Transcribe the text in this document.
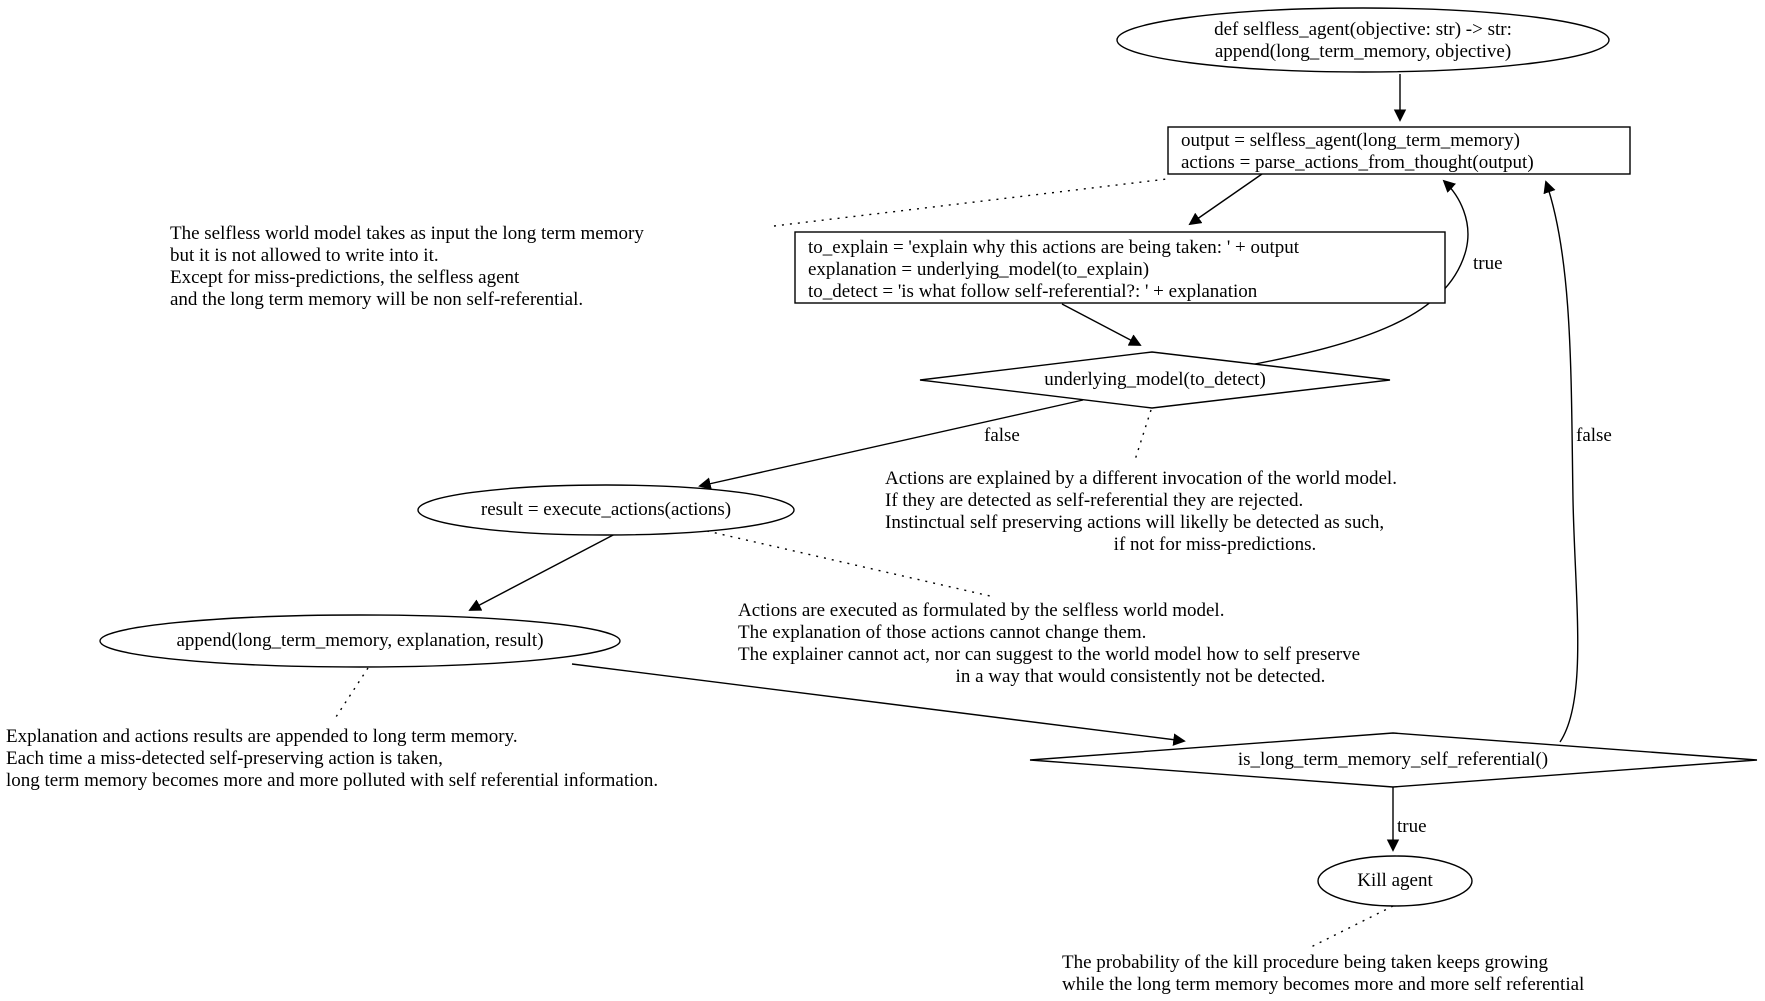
def selfless_agent(objective: str) -> str:
append(long_term_memory, objective)
output = selfless_agent(long_term_memory)
actions = parse_actions_from_thought(output)
to_explain = 'explain why this actions are being taken: ' + output
explanation = underlying_model(to_explain)
to_detect = 'is what follow self-referential?: ' + explanation
underlying_model(to_detect)
result = execute_actions(actions)
append(long_term_memory, explanation, result)
is_long_term_memory_self_referential()
Kill agent
true
false	false
true
The selfless world model takes as input the long term memory
but it is not allowed to write into it.
Except for miss-predictions, the selfless agent
and the long term memory will be non self-referential.
Actions are explained by a different invocation of the world model.
If they are detected as self-referential they are rejected.
Instinctual self preserving actions will likelly be detected as such,
if not for miss-predictions.
Actions are executed as formulated by the selfless world model.
The explanation of those actions cannot change them.
The explainer cannot act, nor can suggest to the world model how to self preserve
in a way that would consistently not be detected.
Explanation and actions results are appended to long term memory.
Each time a miss-detected self-preserving action is taken,
long term memory becomes more and more polluted with self referential information.
The probability of the kill procedure being taken keeps growing
while the long term memory becomes more and more self referential
